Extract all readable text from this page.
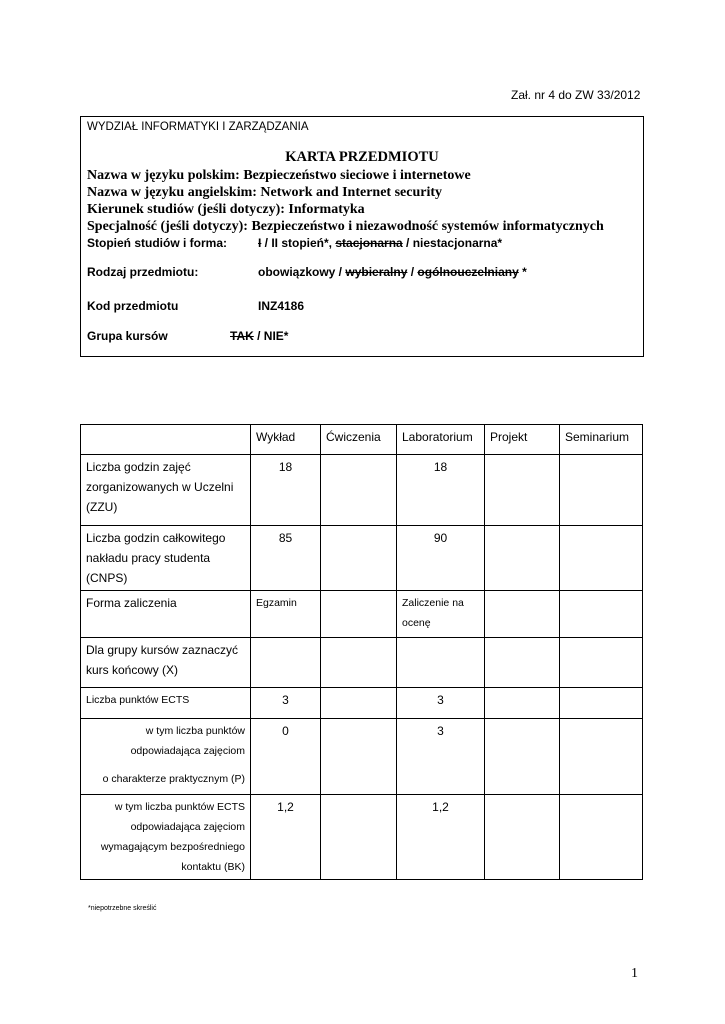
Zał. nr 4 do ZW 33/2012
WYDZIAŁ INFORMATYKI I ZARZĄDZANIA
KARTA PRZEDMIOTU
Nazwa w języku polskim: Bezpieczeństwo sieciowe i internetowe
Nazwa w języku angielskim: Network and Internet security
Kierunek studiów (jeśli dotyczy): Informatyka
Specjalność (jeśli dotyczy): Bezpieczeństwo i niezawodność systemów informatycznych
Stopień studiów i forma:	I / II stopień*, stacjonarna / niestacjonarna*
Rodzaj przedmiotu:	obowiązkowy / wybieralny / ogólnouczelniany *
Kod przedmiotu	INZ4186
Grupa kursów	TAK / NIE*
	Wykład	Ćwiczenia	Laboratorium	Projekt	Seminarium
Liczba godzin zajęć zorganizowanych w Uczelni (ZZU)	18		18		
Liczba godzin całkowitego nakładu pracy studenta (CNPS)	85		90		
Forma zaliczenia	Egzamin		Zaliczenie na ocenę		
Dla grupy kursów zaznaczyć kurs końcowy (X)					
Liczba punktów ECTS	3		3		

w tym liczba punktów odpowiadająca zajęciom
o charakterze praktycznym (P)	0		3		
w tym liczba punktów ECTS odpowiadająca zajęciom wymagającym bezpośredniego kontaktu (BK)	1,2		1,2		
*niepotrzebne skreślić
1
